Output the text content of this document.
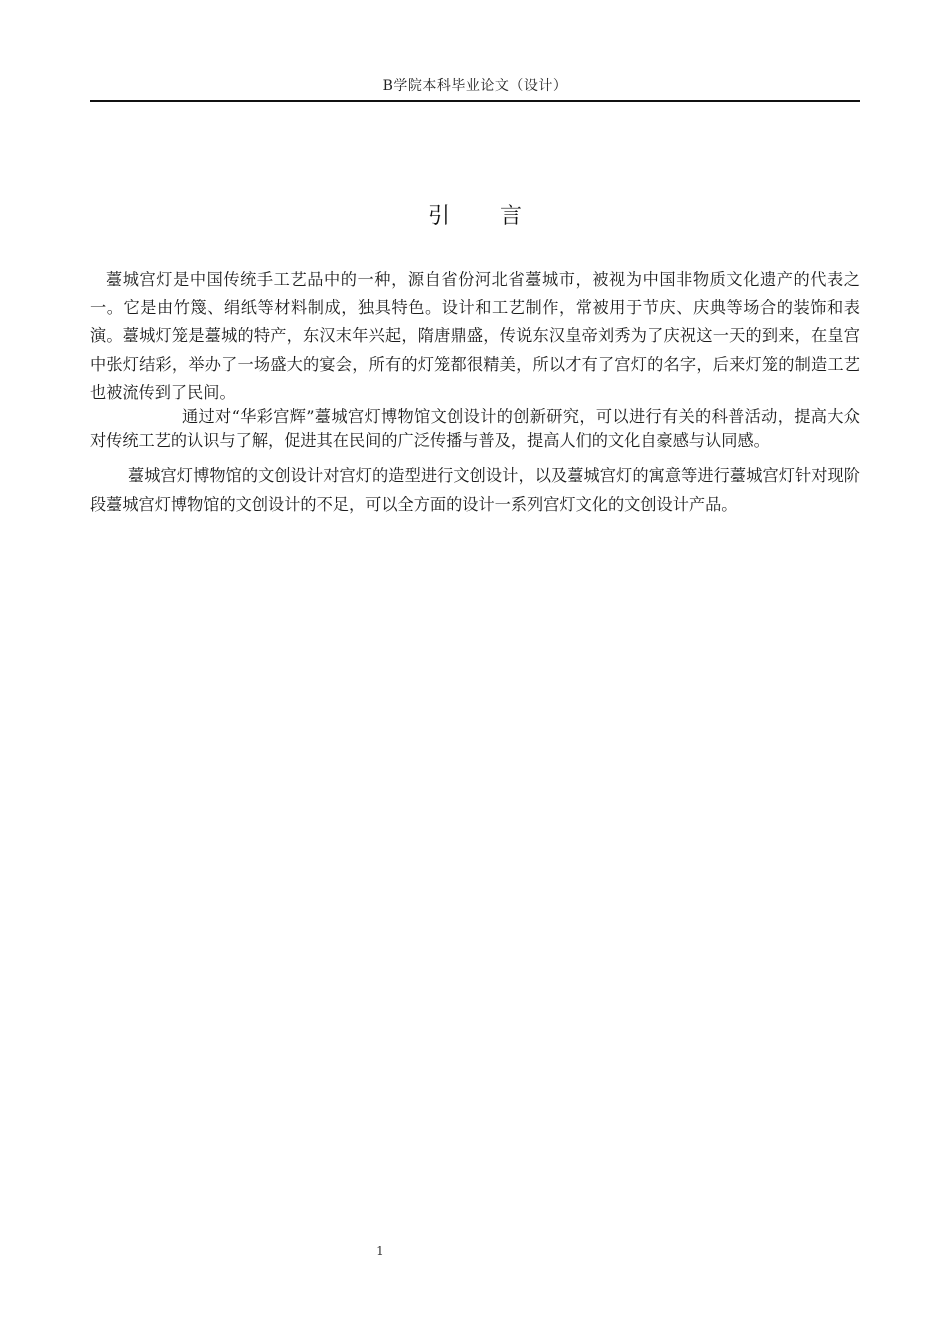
B学院本科毕业论文（设计）
引 言

薹城宫灯是中国传统手工艺品中的一种，源自省份河北省薹城市，被视为中国非物质文化遗产的代表之一。它是由竹篾、绢纸等材料制成，独具特色。设计和工艺制作，常被用于节庆、庆典等场合的装饰和表演。薹城灯笼是薹城的特产，东汉末年兴起，隋唐鼎盛，传说东汉皇帝刘秀为了庆祝这一天的到来，在皇宫中张灯结彩，举办了一场盛大的宴会，所有的灯笼都很精美，所以才有了宫灯的名字，后来灯笼的制造工艺也被流传到了民间。

通过对“华彩宫辉”薹城宫灯博物馆文创设计的创新研究，可以进行有关的科普活动，提高大众对传统工艺的认识与了解，促进其在民间的广泛传播与普及，提高人们的文化自豪感与认同感。

薹城宫灯博物馆的文创设计对宫灯的造型进行文创设计，以及薹城宫灯的寓意等进行薹城宫灯针对现阶段薹城宫灯博物馆的文创设计的不足，可以全方面的设计一系列宫灯文化的文创设计产品。

1
